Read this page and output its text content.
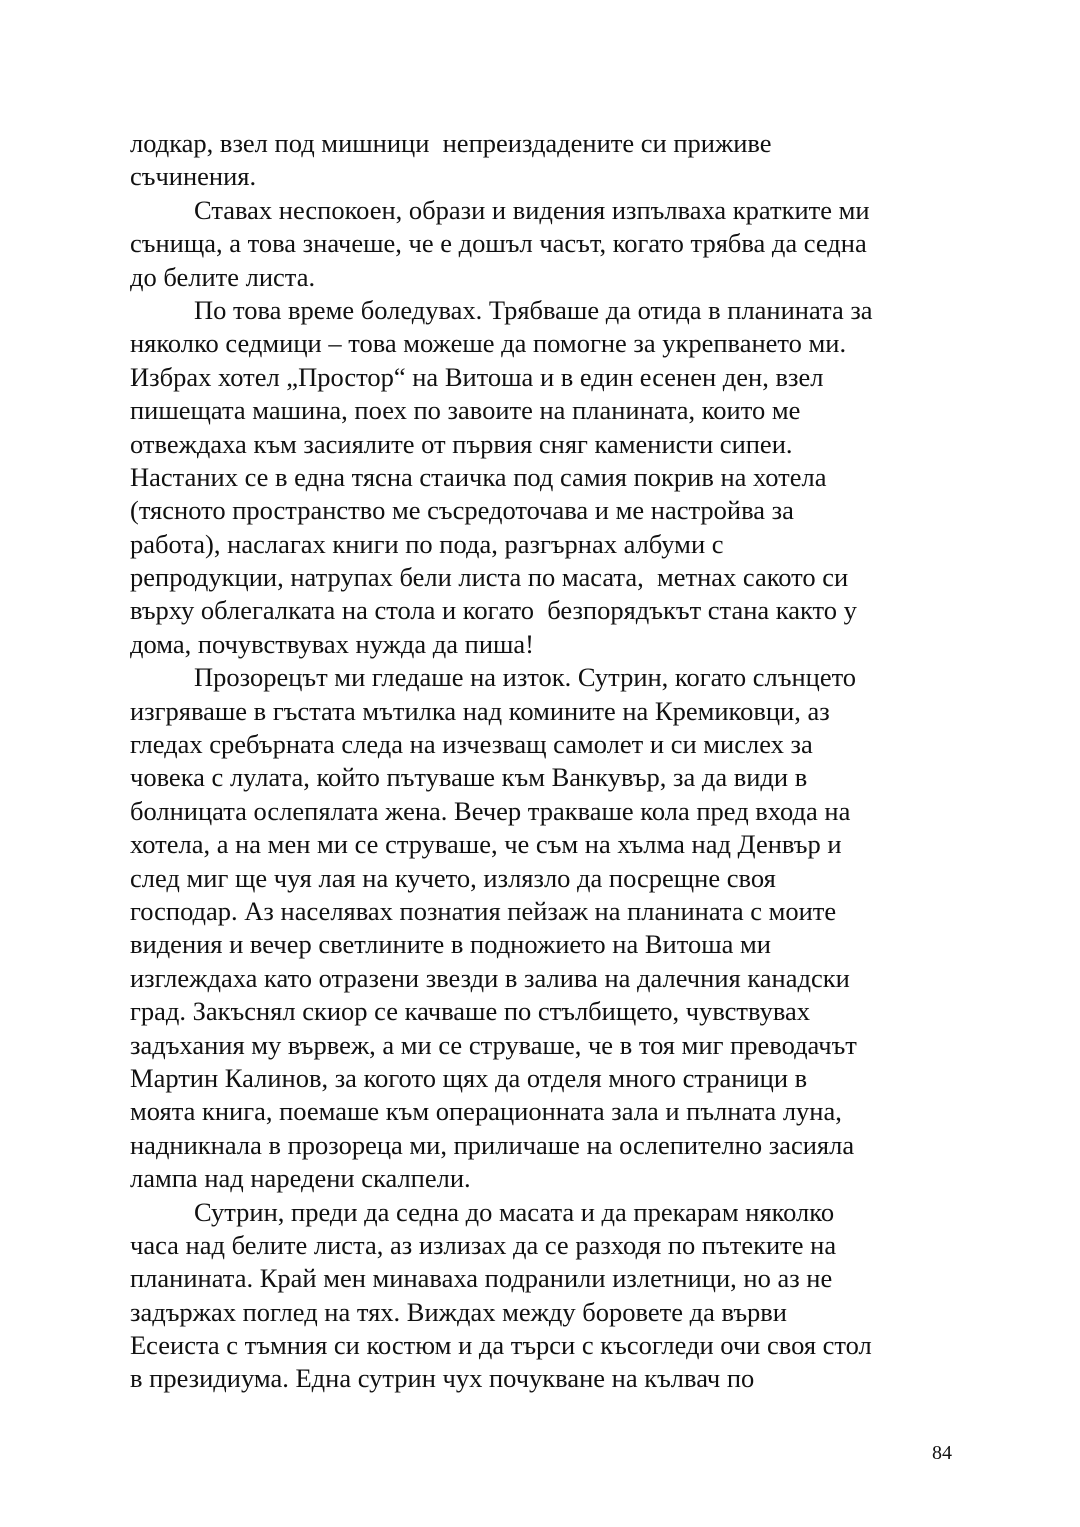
лодкар, взел под мишници  непреиздадените си приживе
съчинения.
Ставах неспокоен, образи и видения изпълваха кратките ми
сънища, а това значеше, че е дошъл часът, когато трябва да седна
до белите листа.
По това време боледувах. Трябваше да отида в планината за
няколко седмици – това можеше да помогне за укрепването ми.
Избрах хотел „Простор“ на Витоша и в един есенен ден, взел
пишещата машина, поех по завоите на планината, които ме
отвеждаха към засиялите от първия сняг каменисти сипеи.
Настаних се в една тясна стаичка под самия покрив на хотела
(тясното пространство ме съсредоточава и ме настройва за
работа), наслагах книги по пода, разгърнах албуми с
репродукции, натрупах бели листа по масата,  метнах сакото си
върху облегалката на стола и когато  безпорядъкът стана както у
дома, почувствувах нужда да пиша!
Прозорецът ми гледаше на изток. Сутрин, когато слънцето
изгряваше в гъстата мътилка над комините на Кремиковци, аз
гледах сребърната следа на изчезващ самолет и си мислех за
човека с лулата, който пътуваше към Ванкувър, за да види в
болницата ослепялата жена. Вечер тракваше кола пред входа на
хотела, а на мен ми се струваше, че съм на хълма над Денвър и
след миг ще чуя лая на кучето, излязло да посрещне своя
господар. Аз населявах познатия пейзаж на планината с моите
видения и вечер светлините в подножието на Витоша ми
изглеждаха като отразени звезди в залива на далечния канадски
град. Закъснял скиор се качваше по стълбището, чувствувах
задъхания му вървеж, а ми се струваше, че в тоя миг преводачът
Мартин Калинов, за когото щях да отделя много страници в
моята книга, поемаше към операционната зала и пълната луна,
надникнала в прозореца ми, приличаше на ослепително засияла
лампа над наредени скалпели.
Сутрин, преди да седна до масата и да прекарам няколко
часа над белите листа, аз излизах да се разходя по пътеките на
планината. Край мен минаваха подранили излетници, но аз не
задържах поглед на тях. Виждах между боровете да върви
Есеиста с тъмния си костюм и да търси с късогледи очи своя стол
в президиума. Една сутрин чух почукване на кълвач по
84
